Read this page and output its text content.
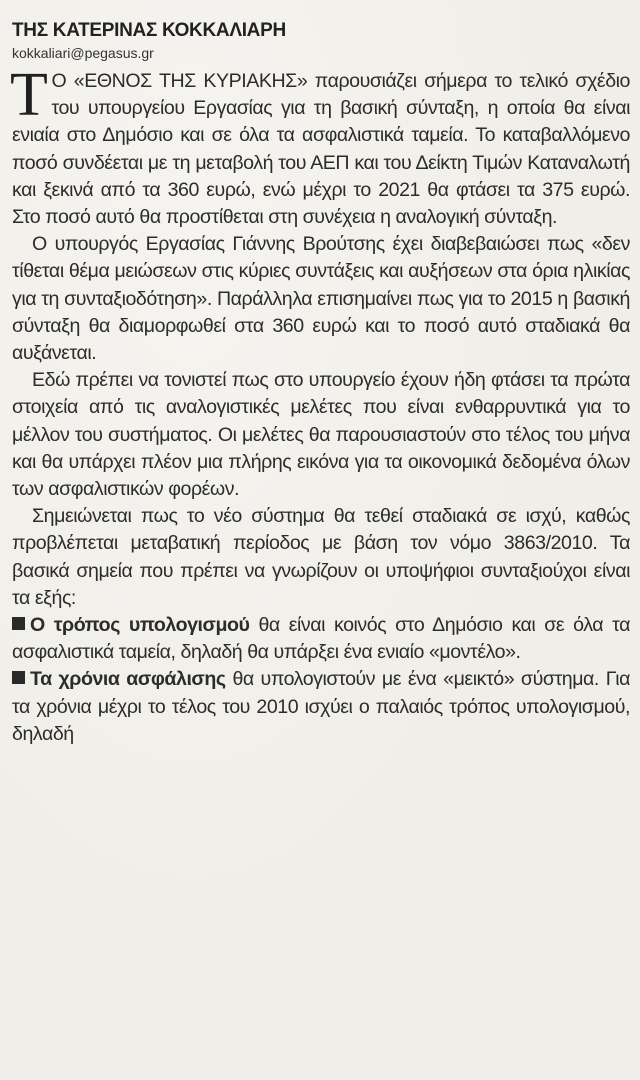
ΤΗΣ ΚΑΤΕΡΙΝΑΣ ΚΟΚΚΑΛΙΑΡΗ
kokkaliari@pegasus.gr

Τ Ο «ΕΘΝΟΣ ΤΗΣ ΚΥΡΙΑΚΗΣ» παρουσιάζει σήμερα το τελικό σχέδιο του υπουργείου Εργασίας για τη βασική σύνταξη, η οποία θα είναι ενιαία στο Δημόσιο και σε όλα τα ασφαλιστικά ταμεία. Το καταβαλλόμενο ποσό συνδέεται με τη μεταβολή του ΑΕΠ και του Δείκτη Τιμών Καταναλωτή και ξεκινά από τα 360 ευρώ, ενώ μέχρι το 2021 θα φτάσει τα 375 ευρώ. Στο ποσό αυτό θα προστίθεται στη συνέχεια η αναλογική σύνταξη.

Ο υπουργός Εργασίας Γιάννης Βρούτσης έχει διαβεβαιώσει πως «δεν τίθεται θέμα μειώσεων στις κύριες συντάξεις και αυξήσεων στα όρια ηλικίας για τη συνταξιοδότηση». Παράλληλα επισημαίνει πως για το 2015 η βασική σύνταξη θα διαμορφωθεί στα 360 ευρώ και το ποσό αυτό σταδιακά θα αυξάνεται.

Εδώ πρέπει να τονιστεί πως στο υπουργείο έχουν ήδη φτάσει τα πρώτα στοιχεία από τις αναλογιστικές μελέτες που είναι ενθαρρυντικά για το μέλλον του συστήματος. Οι μελέτες θα παρουσιαστούν στο τέλος του μήνα και θα υπάρχει πλέον μια πλήρης εικόνα για τα οικονομικά δεδομένα όλων των ασφαλιστικών φορέων.

Σημειώνεται πως το νέο σύστημα θα τεθεί σταδιακά σε ισχύ, καθώς προβλέπεται μεταβατική περίοδος με βάση τον νόμο 3863/2010. Τα βασικά σημεία που πρέπει να γνωρίζουν οι υποψήφιοι συνταξιούχοι είναι τα εξής:

Ο τρόπος υπολογισμού θα είναι κοινός στο Δημόσιο και σε όλα τα ασφαλιστικά ταμεία, δηλαδή θα υπάρξει ένα ενιαίο «μοντέλο».

Τα χρόνια ασφάλισης θα υπολογιστούν με ένα «μεικτό» σύστημα. Για τα χρόνια μέχρι το τέλος του 2010 ισχύει ο παλαιός τρόπος υπολογισμού, δηλαδή
